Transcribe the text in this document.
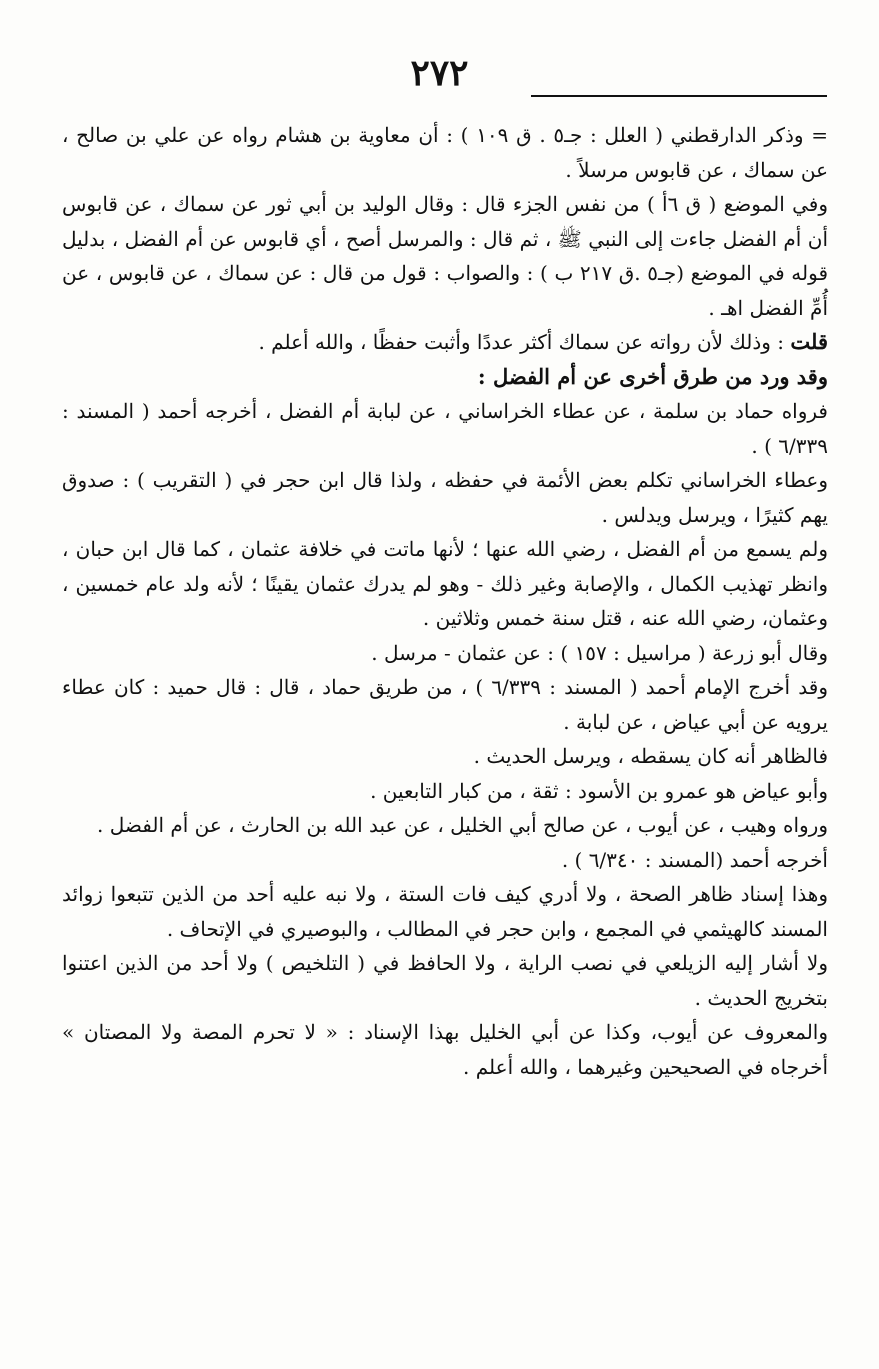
٢٧٢

= وذكر الدارقطني ( العلل : جـ٥ . ق ١٠٩ ) : أن معاوية بن هشام رواه عن علي بن صالح ، عن سماك ، عن قابوس مرسلاً .

وفي الموضع ( ق ٦أ ) من نفس الجزء قال : وقال الوليد بن أبي ثور عن سماك ، عن قابوس أن أم الفضل جاءت إلى النبي ﷺ ، ثم قال : والمرسل أصح ، أي قابوس عن أم الفضل ، بدليل قوله في الموضع (جـ٥ .ق ٢١٧ ب ) : والصواب : قول من قال : عن سماك ، عن قابوس ، عن أُمِّ الفضل اهـ .

قلت : وذلك لأن رواته عن سماك أكثر عددًا وأثبت حفظًا ، والله أعلم .

وقد ورد من طرق أخرى عن أم الفضل :

فرواه حماد بن سلمة ، عن عطاء الخراساني ، عن لبابة أم الفضل ، أخرجه أحمد ( المسند : ٦/٣٣٩ ) .

وعطاء الخراساني تكلم بعض الأئمة في حفظه ، ولذا قال ابن حجر في ( التقريب ) : صدوق يهم كثيرًا ، ويرسل ويدلس .

ولم يسمع من أم الفضل ، رضي الله عنها ؛ لأنها ماتت في خلافة عثمان ، كما قال ابن حبان ، وانظر تهذيب الكمال ، والإصابة وغير ذلك - وهو لم يدرك عثمان يقينًا ؛ لأنه ولد عام خمسين ، وعثمان، رضي الله عنه ، قتل سنة خمس وثلاثين .

وقال أبو زرعة ( مراسيل : ١٥٧ ) : عن عثمان - مرسل .

وقد أخرج الإمام أحمد ( المسند : ٦/٣٣٩ ) ، من طريق حماد ، قال : قال حميد : كان عطاء يرويه عن أبي عياض ، عن لبابة .

فالظاهر أنه كان يسقطه ، ويرسل الحديث .

وأبو عياض هو عمرو بن الأسود : ثقة ، من كبار التابعين .

ورواه وهيب ، عن أيوب ، عن صالح أبي الخليل ، عن عبد الله بن الحارث ، عن أم الفضل .

أخرجه أحمد (المسند : ٦/٣٤٠ ) .

وهذا إسناد ظاهر الصحة ، ولا أدري كيف فات الستة ، ولا نبه عليه أحد من الذين تتبعوا زوائد المسند كالهيثمي في المجمع ، وابن حجر في المطالب ، والبوصيري في الإتحاف .

ولا أشار إليه الزيلعي في نصب الراية ، ولا الحافظ في ( التلخيص ) ولا أحد من الذين اعتنوا بتخريج الحديث .

والمعروف عن أيوب، وكذا عن أبي الخليل بهذا الإسناد : « لا تحرم المصة ولا المصتان » أخرجاه في الصحيحين وغيرهما ، والله أعلم .
